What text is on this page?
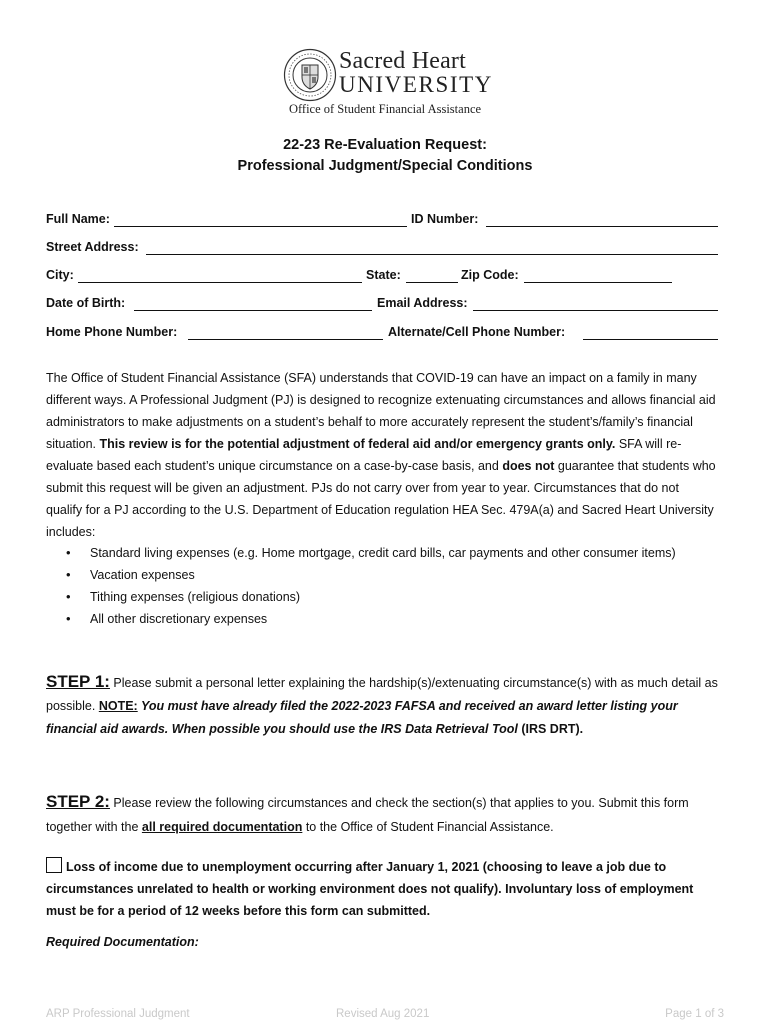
Sacred Heart
UNIVERSITY
Office of Student Financial Assistance
22-23 Re-Evaluation Request:
Professional Judgment/Special Conditions
Full Name:	ID Number:
Street Address:
City:	State:	Zip Code:
Date of Birth:	Email Address:
Home Phone Number:	Alternate/Cell Phone Number:

The Office of Student Financial Assistance (SFA) understands that COVID-19 can have an impact on a family in many different ways. A Professional Judgment (PJ) is designed to recognize extenuating circumstances and allows financial aid administrators to make adjustments on a student’s behalf to more accurately represent the student’s/family’s financial situation. This review is for the potential adjustment of federal aid and/or emergency grants only. SFA will re-evaluate based each student’s unique circumstance on a case-by-case basis, and does not guarantee that students who submit this request will be given an adjustment. PJs do not carry over from year to year. Circumstances that do not qualify for a PJ according to the U.S. Department of Education regulation HEA Sec. 479A(a) and Sacred Heart University includes:

• Standard living expenses (e.g. Home mortgage, credit card bills, car payments and other consumer items)
• Vacation expenses
• Tithing expenses (religious donations)
• All other discretionary expenses

STEP 1: Please submit a personal letter explaining the hardship(s)/extenuating circumstance(s) with as much detail as possible. NOTE: You must have already filed the 2022-2023 FAFSA and received an award letter listing your financial aid awards. When possible you should use the IRS Data Retrieval Tool (IRS DRT).

STEP 2: Please review the following circumstances and check the section(s) that applies to you. Submit this form together with the all required documentation to the Office of Student Financial Assistance.

Loss of income due to unemployment occurring after January 1, 2021 (choosing to leave a job due to circumstances unrelated to health or working environment does not qualify). Involuntary loss of employment must be for a period of 12 weeks before this form can submitted.
Required Documentation:
ARP Professional Judgment	Revised Aug 2021	Page 1 of 3
